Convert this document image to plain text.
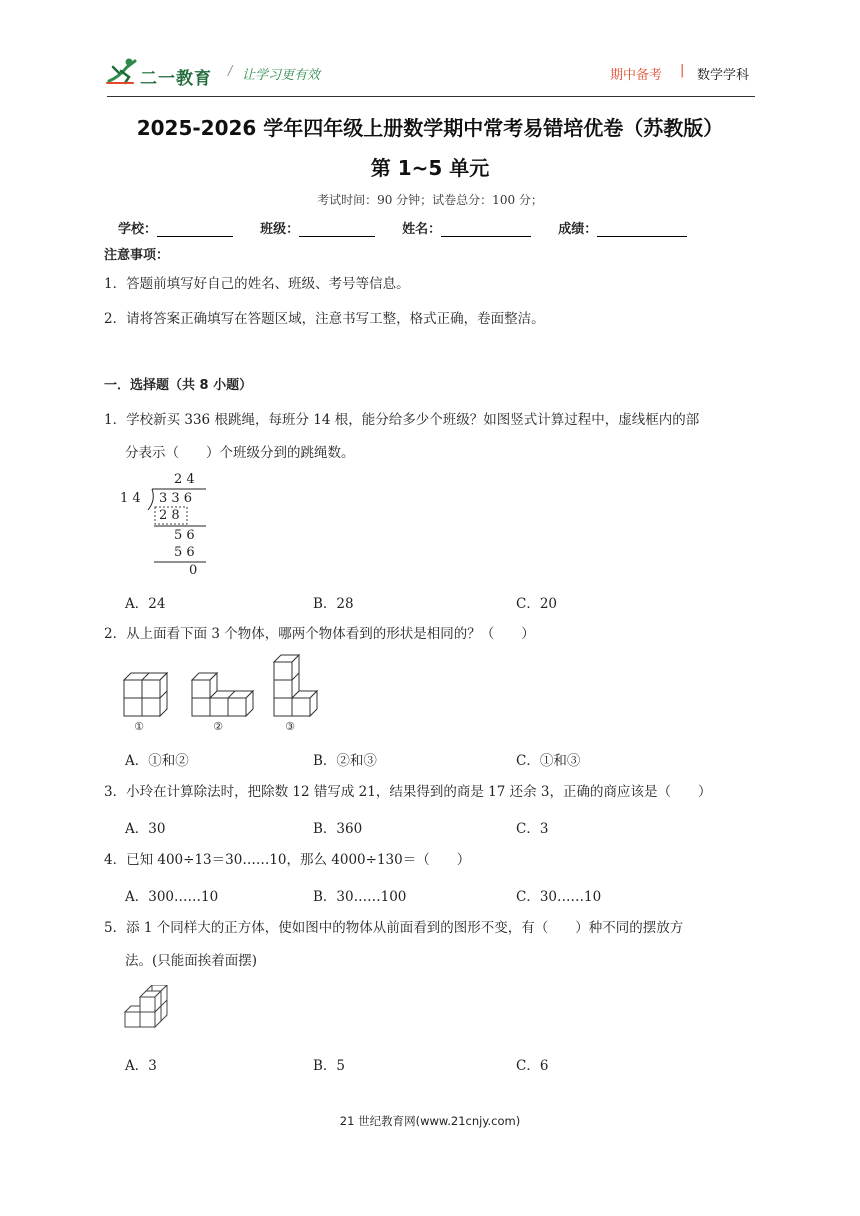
二一教育 / 让学习更有效	期中备考 | 数学学科
2025-2026 学年四年级上册数学期中常考易错培优卷（苏教版）
第 1~5 单元
考试时间：90 分钟；试卷总分：100 分；
学校：	班级：	姓名：	成绩：
注意事项：
1．答题前填写好自己的姓名、班级、考号等信息。
2．请将答案正确填写在答题区域，注意书写工整，格式正确，卷面整洁。
一．选择题（共 8 小题）
1．学校新买 336 根跳绳，每班分 14 根，能分给多少个班级？如图竖式计算过程中，虚线框内的部
分表示（　　）个班级分到的跳绳数。
2 4
1 4 3 3 6
2 8
5 6
5 6
0
A．24	B．28	C．20
2．从上面看下面 3 个物体，哪两个物体看到的形状是相同的？（　　）
①	②	③
A．①和②	B．②和③	C．①和③
3．小玲在计算除法时，把除数 12 错写成 21，结果得到的商是 17 还余 3，正确的商应该是（　　）
A．30	B．360	C．3
4．已知 400÷13＝30……10，那么 4000÷130＝（　　）
A．300……10	B．30……100	C．30……10
5．添 1 个同样大的正方体，使如图中的物体从前面看到的图形不变，有（　　）种不同的摆放方
法。(只能面挨着面摆)
A．3	B．5	C．6
21 世纪教育网(www.21cnjy.com)
